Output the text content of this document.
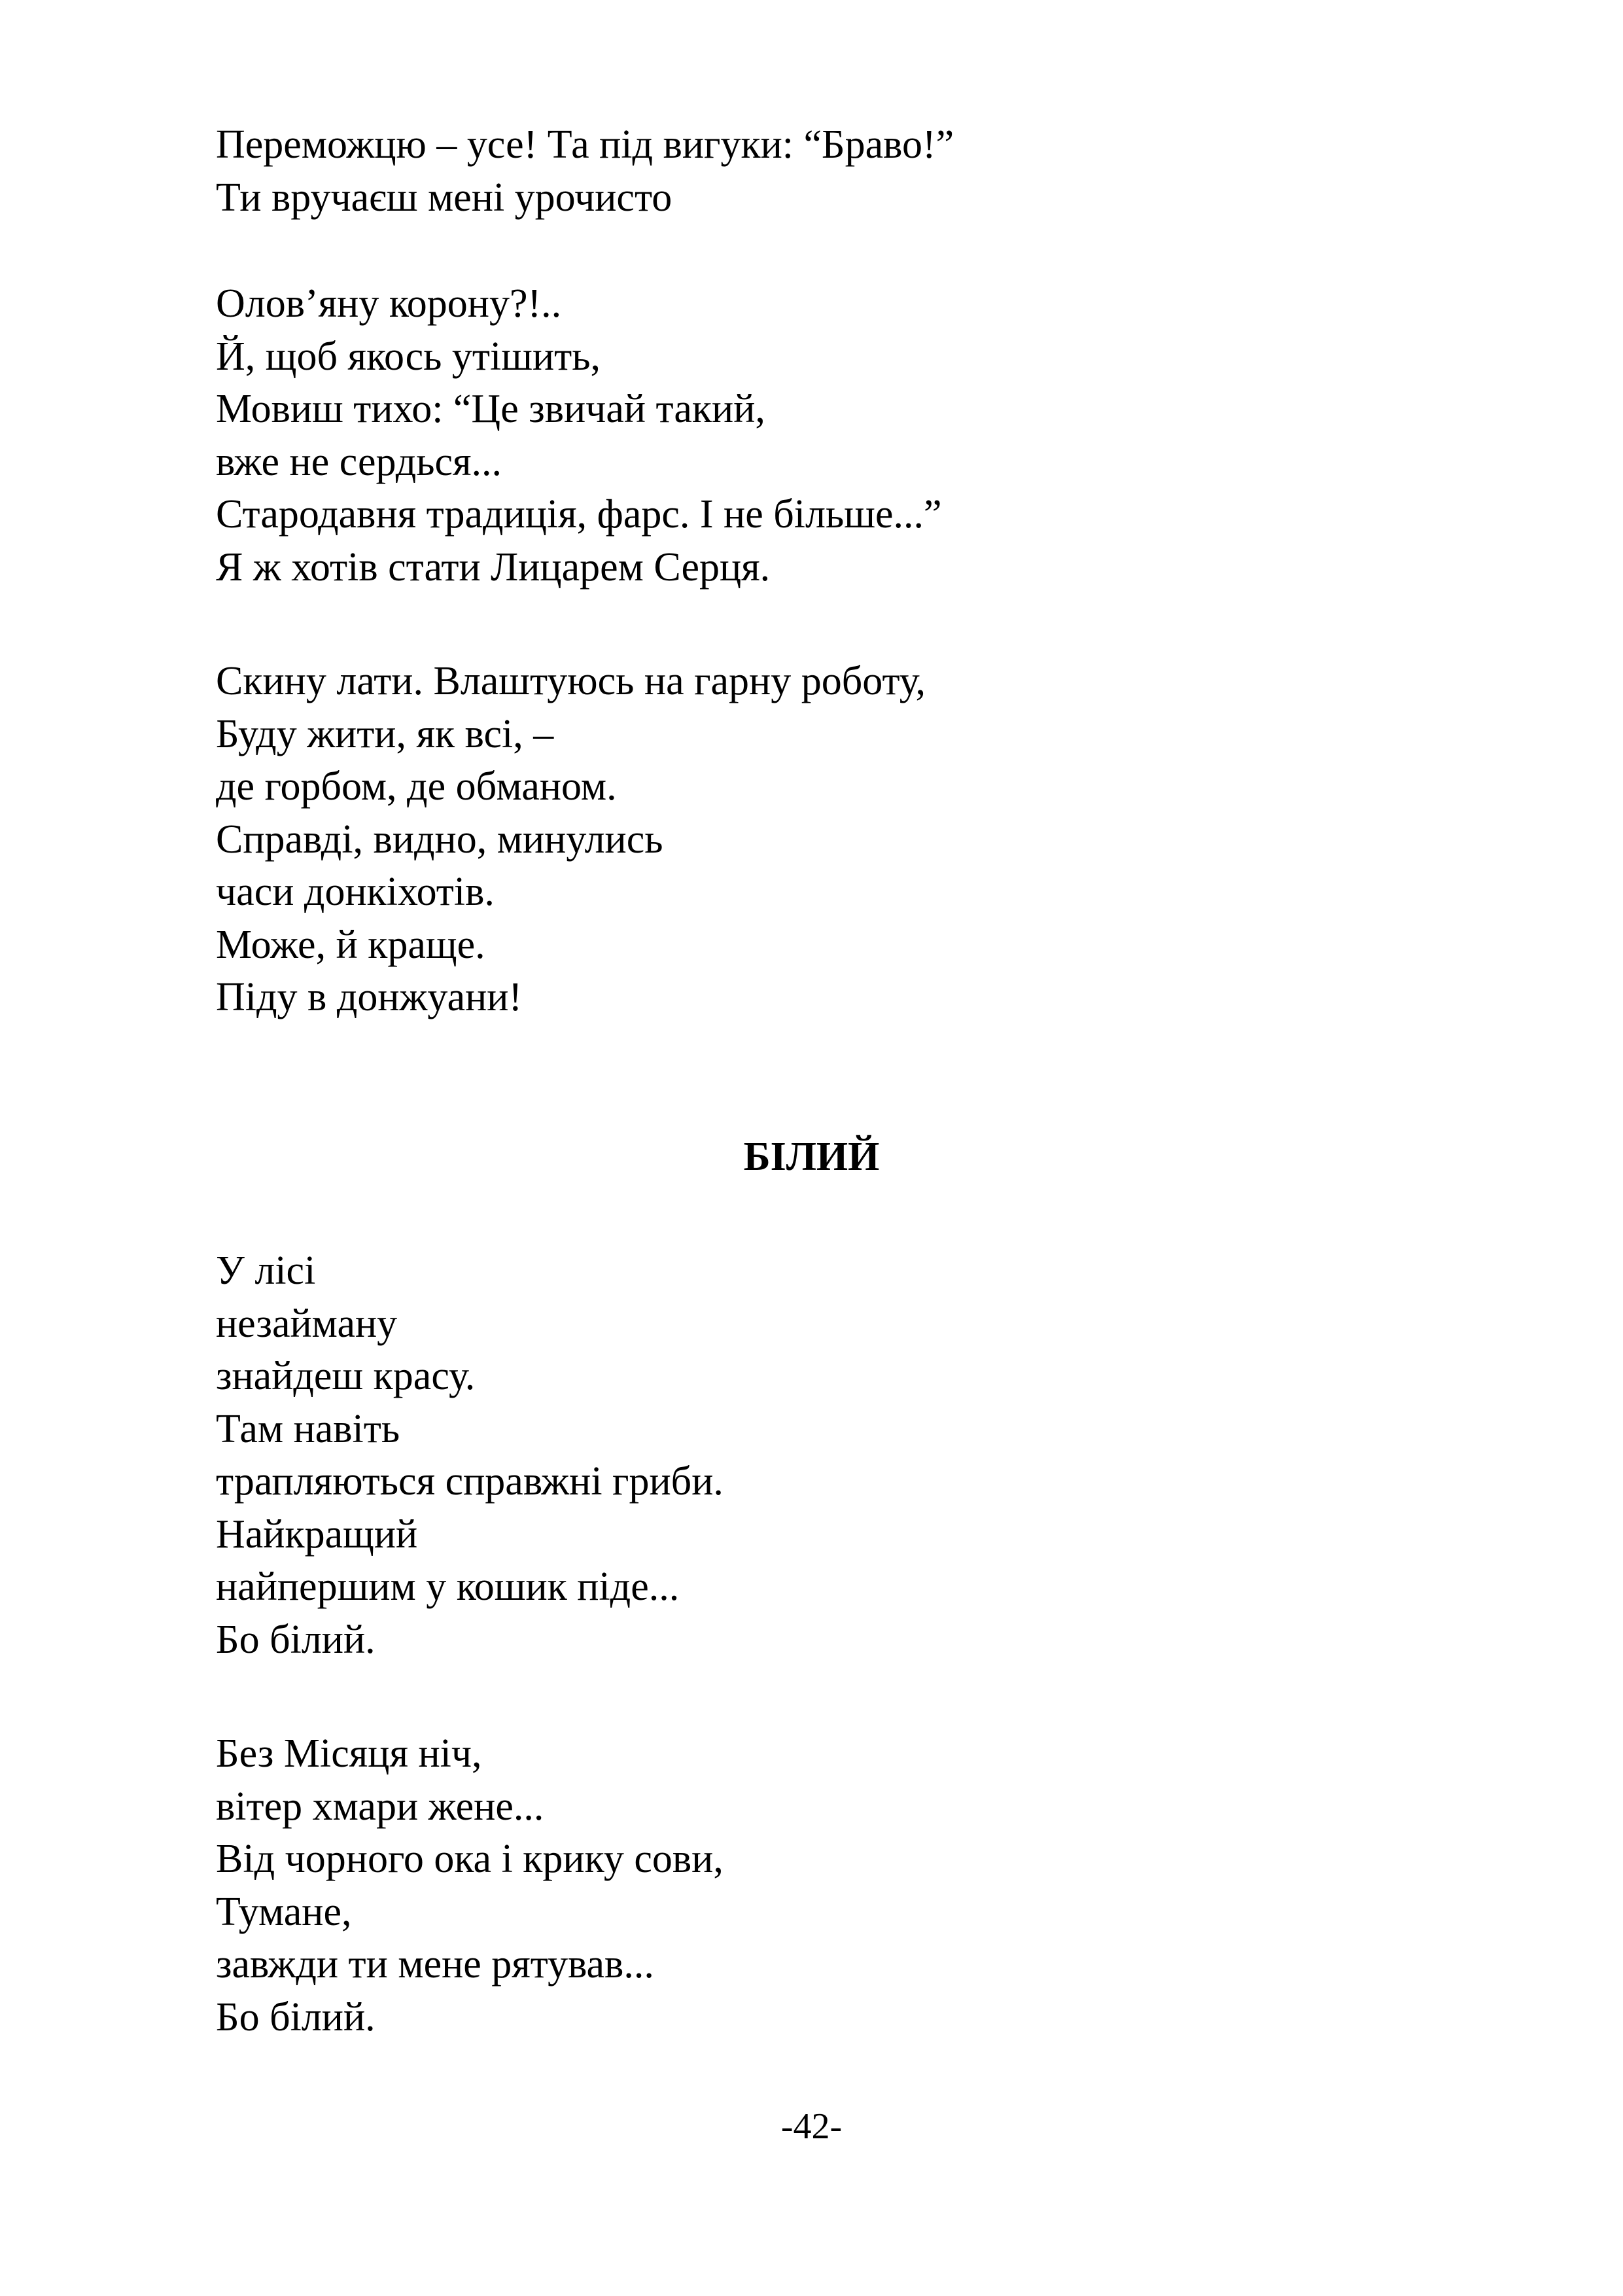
Переможцю – усе! Та під вигуки: “Браво!”
Ти вручаєш мені урочисто
Олов’яну корону?!..
Й, щоб якось утішить,
Мовиш тихо: “Це звичай такий,
вже не сердься...
Стародавня традиція, фарс. І не більше...”
Я ж хотів стати Лицарем Серця.
Скину лати. Влаштуюсь на гарну роботу,
Буду жити, як всі, –
де горбом, де обманом.
Справді, видно, минулись
часи донкіхотів.
Може, й краще.
Піду в донжуани!
БІЛИЙ
У лісі
незайману
знайдеш красу.
Там навіть
трапляються справжні гриби.
Найкращий
найпершим у кошик піде...
Бо білий.
Без Місяця ніч,
вітер хмари жене...
Від чорного ока і крику сови,
Тумане,
завжди ти мене рятував...
Бо білий.

-42-
